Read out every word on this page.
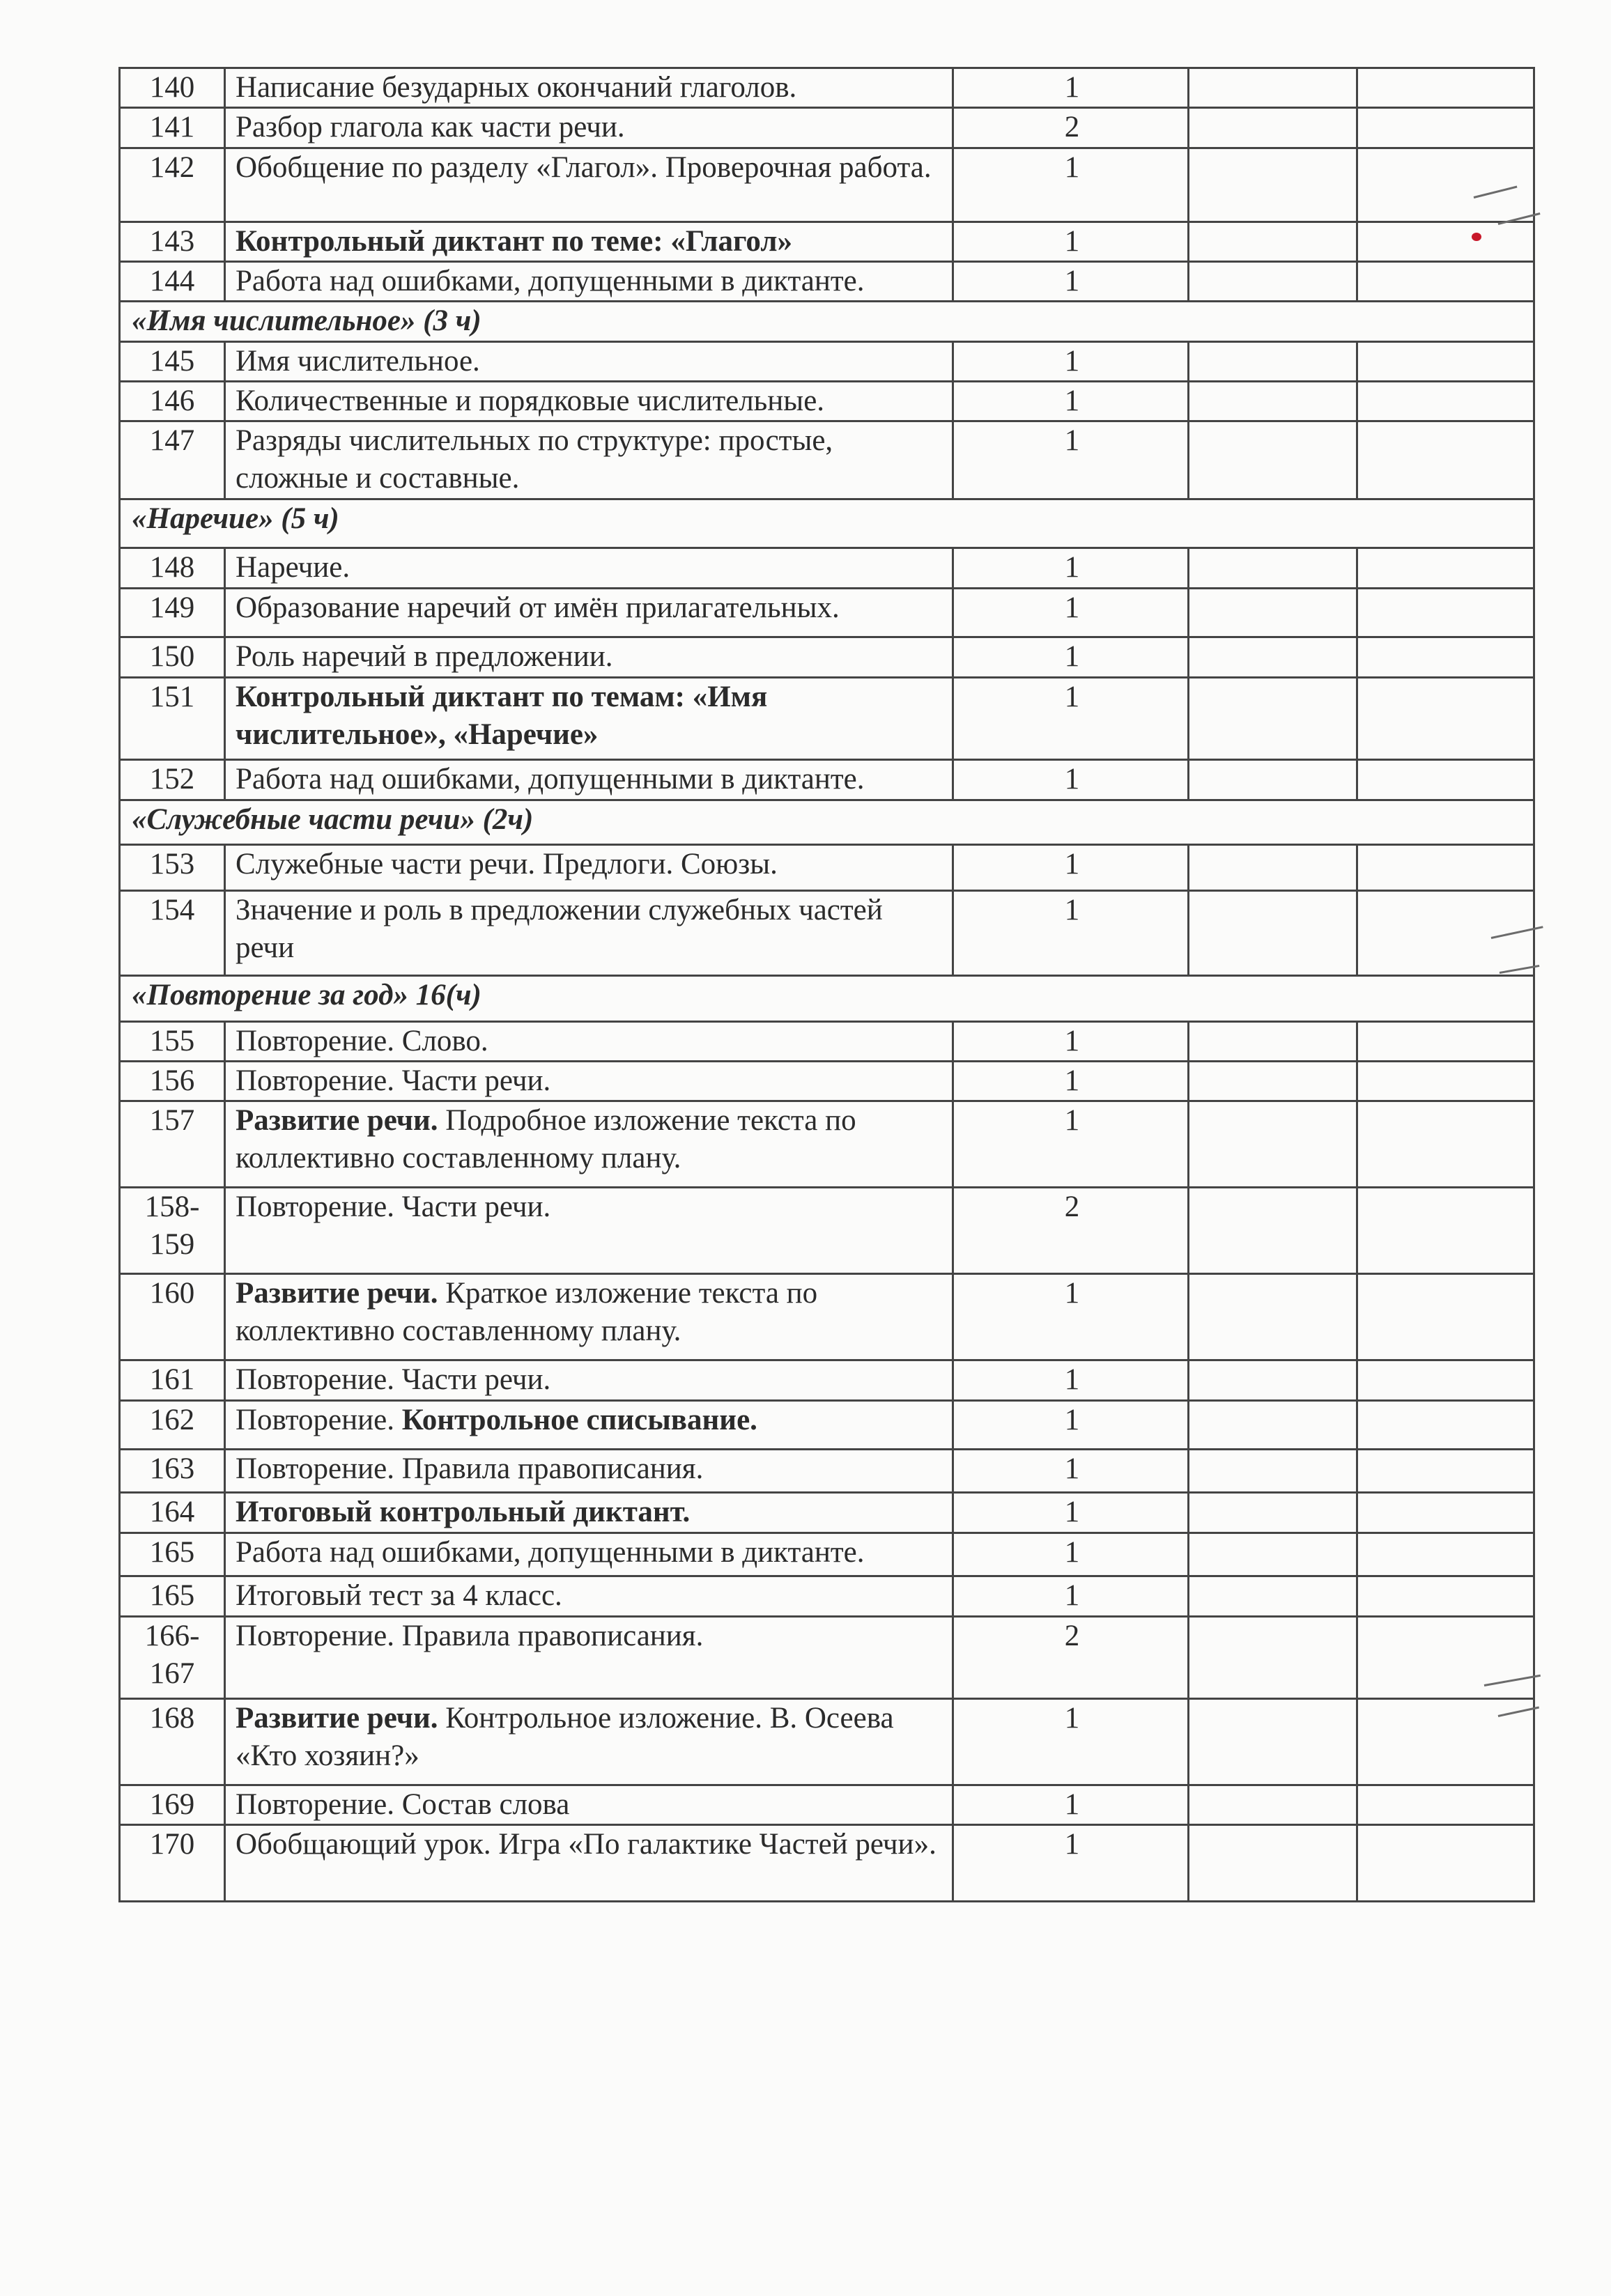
140	Написание безударных окончаний глаголов.	1		
141	Разбор глагола как части речи.	2		
142	Обобщение по разделу «Глагол». Проверочная работа.	1		
143	Контрольный диктант по теме: «Глагол»	1		
144	Работа над ошибками, допущенными в диктанте.	1		
«Имя числительное» (3 ч)				
145	Имя числительное.	1		
146	Количественные и порядковые числительные.	1		
147	Разряды числительных по структуре: простые, сложные и составные.	1		
«Наречие» (5 ч)				
148	Наречие.	1		
149	Образование наречий от имён прилагательных.	1		
150	Роль наречий в предложении.	1		
151	Контрольный диктант по темам: «Имя числительное», «Наречие»	1		
152	Работа над ошибками, допущенными в диктанте.	1		
«Служебные части речи» (2ч)				
153	Служебные части речи. Предлоги. Союзы.	1		
154	Значение и роль в предложении служебных частей речи	1		
«Повторение за год» 16(ч)				
155	Повторение. Слово.	1		
156	Повторение. Части речи.	1		
157	Развитие речи. Подробное изложение текста по коллективно составленному плану.	1		
158-159	Повторение. Части речи.	2		
160	Развитие речи. Краткое изложение текста по коллективно составленному плану.	1		
161	Повторение. Части речи.	1		
162	Повторение. Контрольное списывание.	1		
163	Повторение. Правила правописания.	1		
164	Итоговый контрольный диктант.	1		
165	Работа над ошибками, допущенными в диктанте.	1		
165	Итоговый тест за 4 класс.	1		
166-167	Повторение. Правила правописания.	2		
168	Развитие речи. Контрольное изложение. В. Осеева «Кто хозяин?»	1		
169	Повторение. Состав слова	1		
170	Обобщающий урок. Игра «По галактике Частей речи».	1		
